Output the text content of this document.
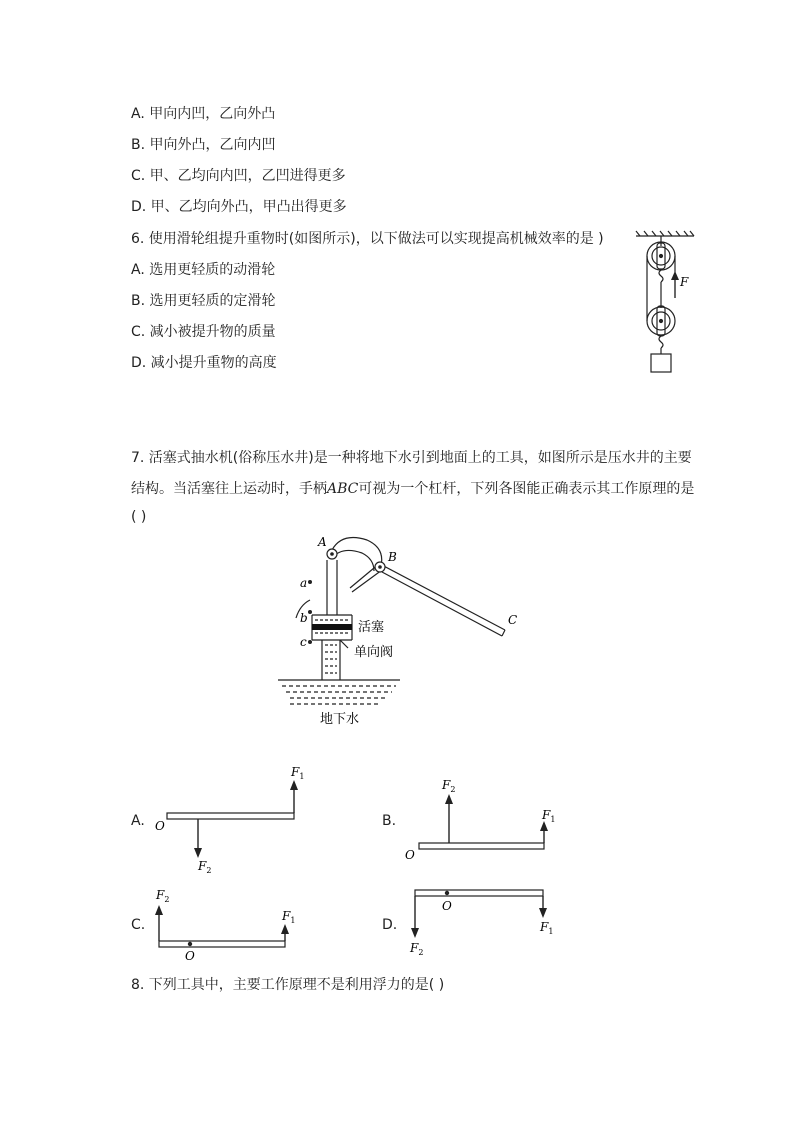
A. 甲向内凹，乙向外凸
B. 甲向外凸，乙向内凹
C. 甲、乙均向内凹，乙凹进得更多
D. 甲、乙均向外凸，甲凸出得更多
6. 使用滑轮组提升重物时(如图所示)，以下做法可以实现提高机械效率的是 )
A. 选用更轻质的动滑轮
B. 选用更轻质的定滑轮
C. 减小被提升物的质量
D. 减小提升重物的高度
F
7. 活塞式抽水机(俗称压水井)是一种将地下水引到地面上的工具，如图所示是压水井的主要
结构。当活塞往上运动时，手柄ABC可视为一个杠杆，下列各图能正确表示其工作原理的是
( )
A
B
C
a
b
c
活塞
单向阀
地下水
A. O
$F_1$
$F_2$
B.
O
$F_2$
$F_1$
C.
O
$F_2$
$F_1$	D.
O
$F_2$
$F_1$
8. 下列工具中，主要工作原理不是利用浮力的是( )
